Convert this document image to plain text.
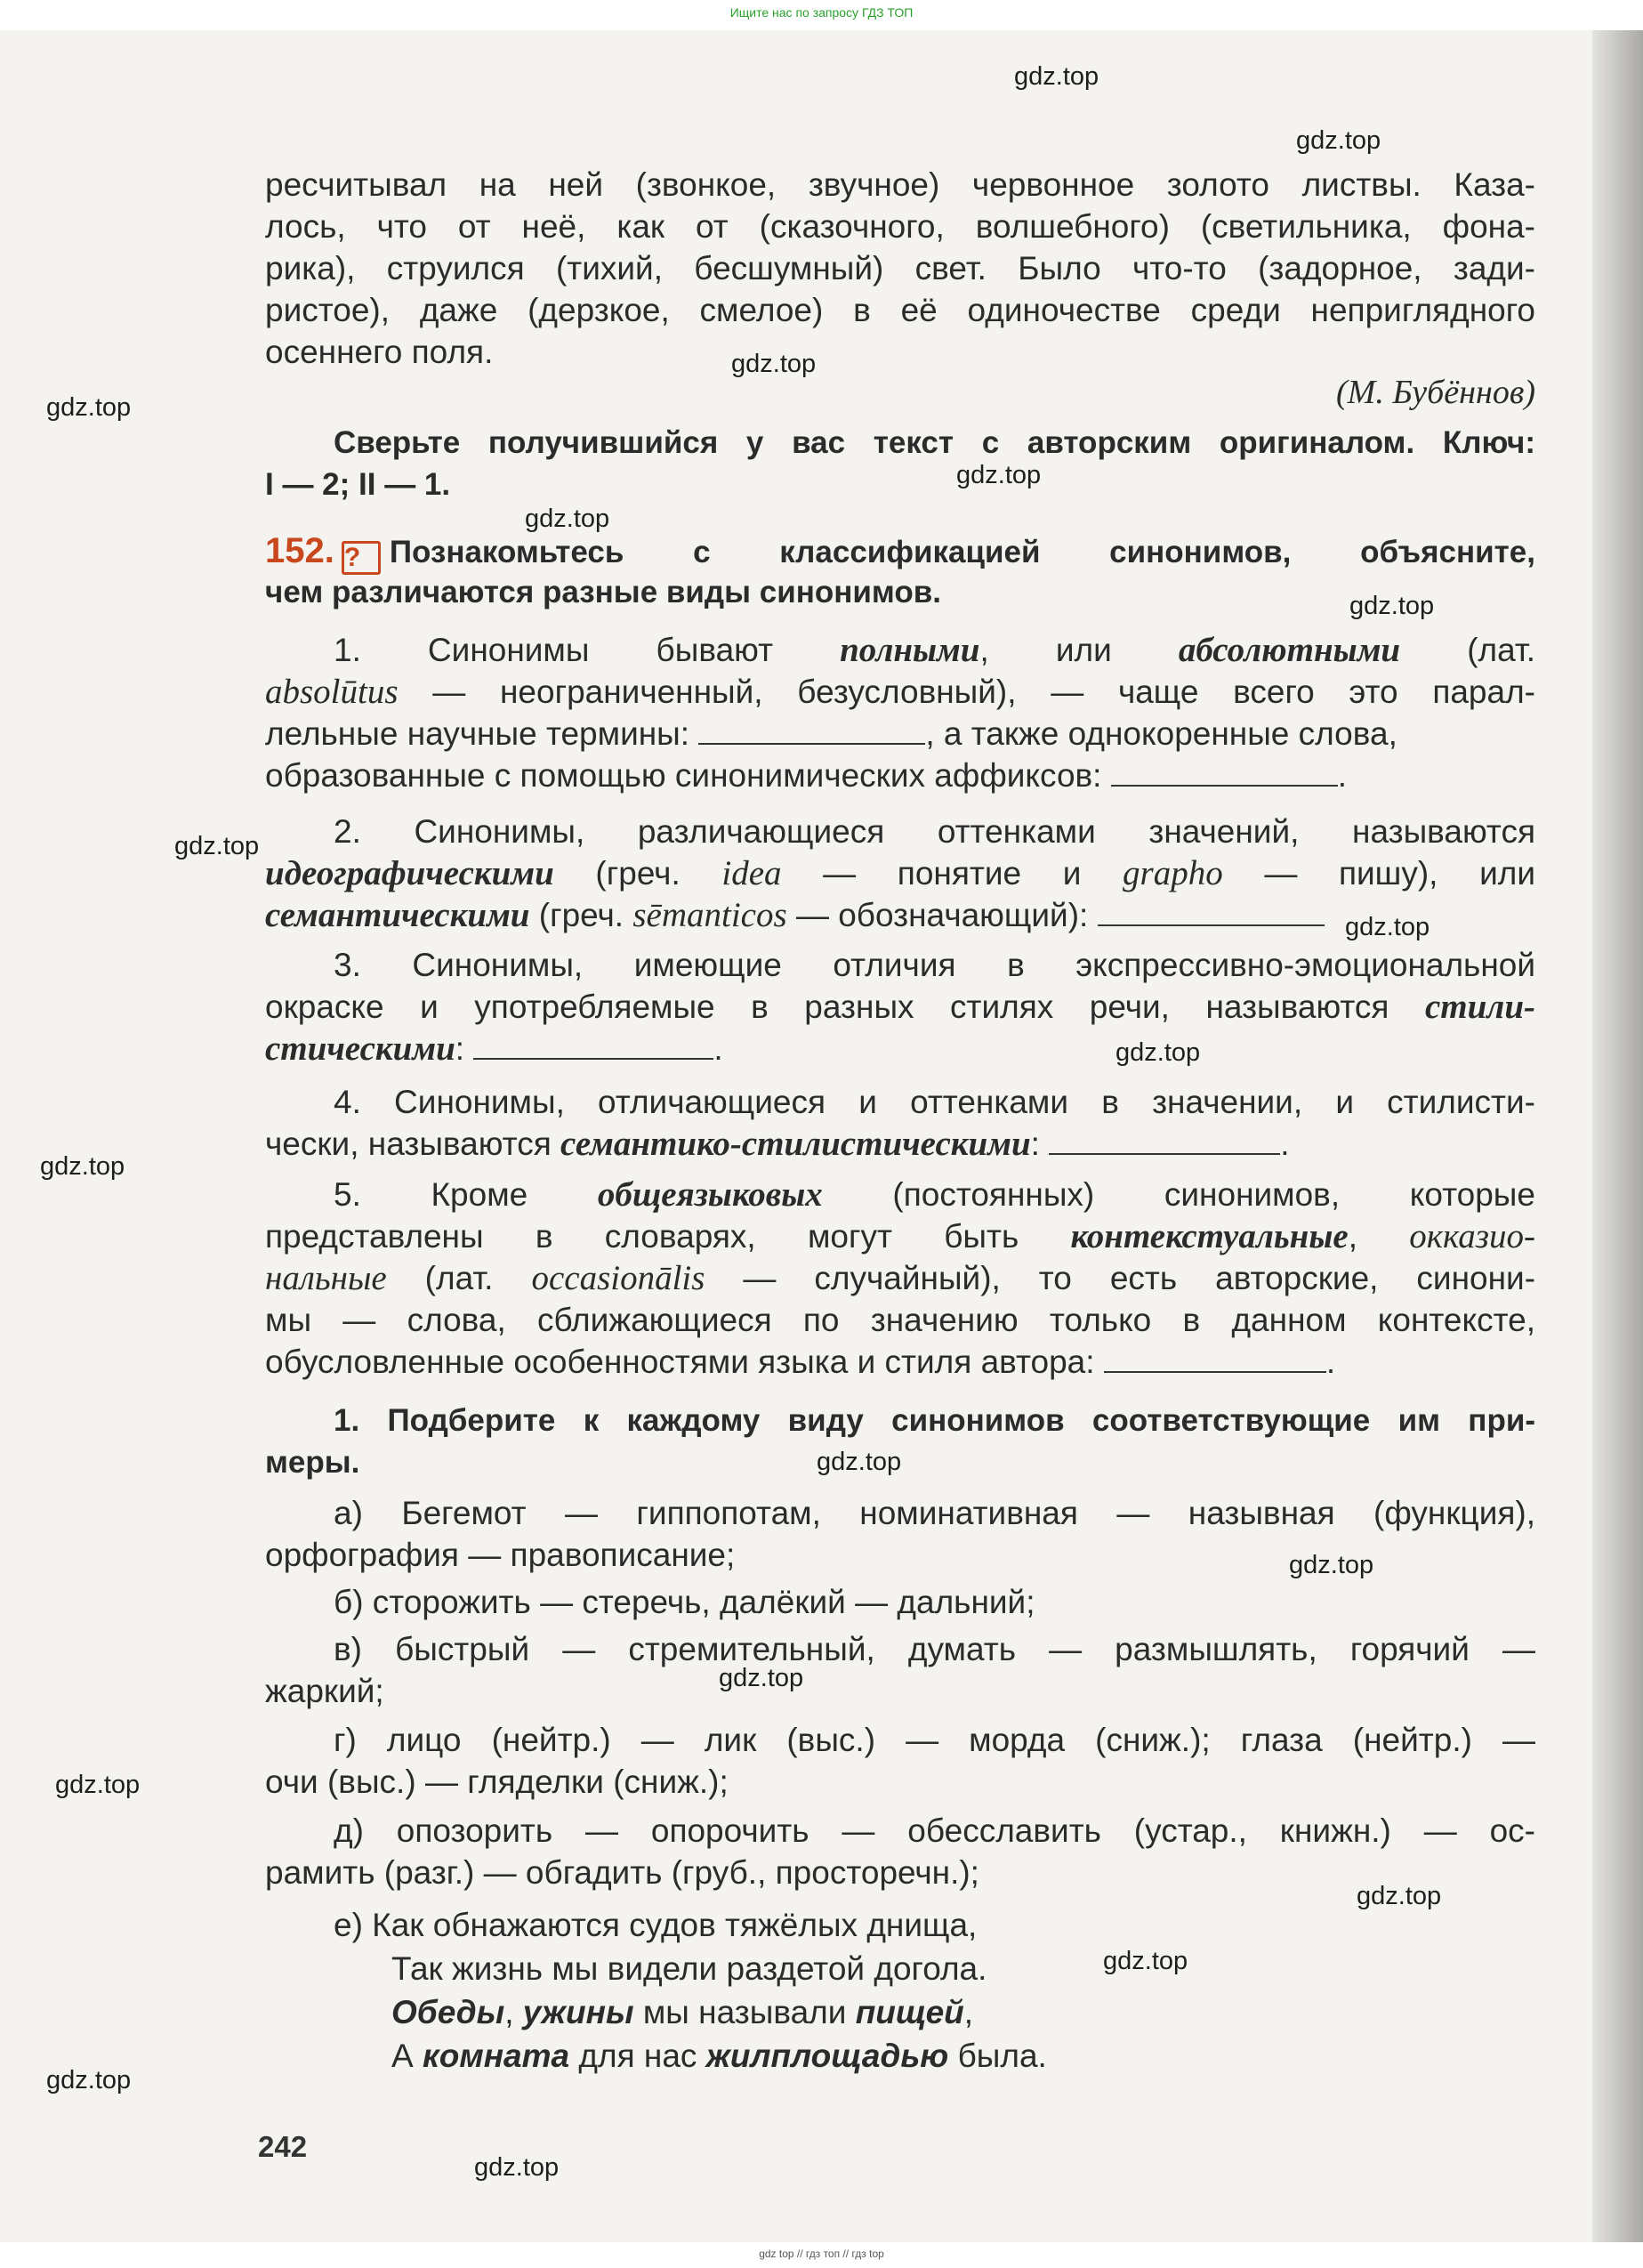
Ищите нас по запросу ГДЗ ТОП
gdz top // гдз топ // гдз top
gdz.top
gdz.top
gdz.top
gdz.top
gdz.top
gdz.top
gdz.top
gdz.top
gdz.top
gdz.top
gdz.top
gdz.top
gdz.top
gdz.top
gdz.top
gdz.top
gdz.top
gdz.top
gdz.top
ресчитывал на ней (звонкое, звучное) червонное золото листвы. Каза-
лось, что от неё, как от (сказочного, волшебного) (светильника, фона-
рика), струился (тихий, бесшумный) свет. Было что-то (задорное, зади-
ристое), даже (дерзкое, смелое) в её одиночестве среди неприглядного
осеннего поля.
(М. Бубённов)
Сверьте получившийся у вас текст с авторским оригиналом. Ключ:
I — 2; II — 1.
152. ? Познакомьтесь с классификацией синонимов, объясните,
чем различаются разные виды синонимов.
1. Синонимы бывают полными, или абсолютными (лат.
absolūtus — неограниченный, безусловный), — чаще всего это парал-
лельные научные термины:	, а также однокоренные слова,
образованные с помощью синонимических аффиксов:	.
2. Синонимы, различающиеся оттенками значений, называются
идеографическими (греч. idea — понятие и grapho — пишу), или
семантическими (греч. sēmanticos — обозначающий):
3. Синонимы, имеющие отличия в экспрессивно-эмоциональной
окраске и употребляемые в разных стилях речи, называются стили-
стическими:	.
4. Синонимы, отличающиеся и оттенками в значении, и стилисти-
чески, называются семантико-стилистическими:	.
5. Кроме общеязыковых (постоянных) синонимов, которые
представлены в словарях, могут быть контекстуальные, окказио-
нальные (лат. occasionālis — случайный), то есть авторские, синони-
мы — слова, сближающиеся по значению только в данном контексте,
обусловленные особенностями языка и стиля автора:	.
1. Подберите к каждому виду синонимов соответствующие им при-
меры.
а) Бегемот — гиппопотам, номинативная — назывная (функция),
орфография — правописание;
б) сторожить — стеречь, далёкий — дальний;
в) быстрый — стремительный, думать — размышлять, горячий —
жаркий;
г) лицо (нейтр.) — лик (выс.) — морда (сниж.); глаза (нейтр.) —
очи (выс.) — гляделки (сниж.);
д) опозорить — опорочить — обесславить (устар., книжн.) — ос-
рамить (разг.) — обгадить (груб., просторечн.);
е) Как обнажаются судов тяжёлых днища,
Так жизнь мы видели раздетой догола.
Обеды, ужины мы называли пищей,
А комната для нас жилплощадью была.
242
